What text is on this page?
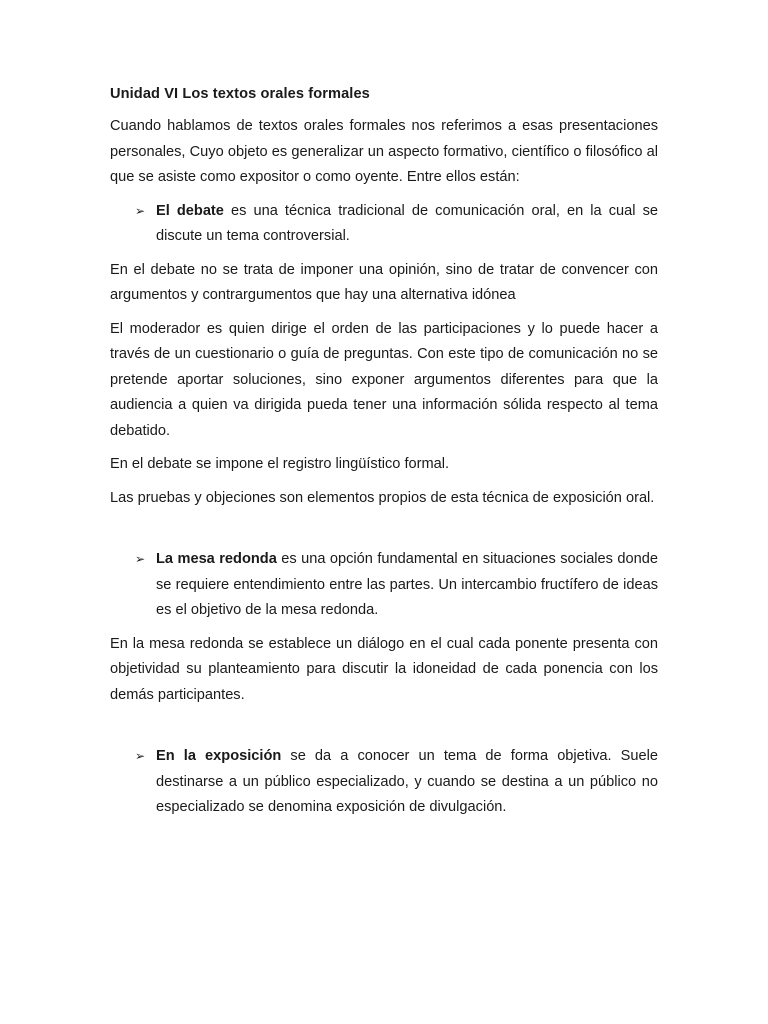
Unidad VI Los textos orales formales

Cuando hablamos de textos orales formales nos referimos a esas presentaciones personales, Cuyo objeto es generalizar un aspecto formativo, científico o filosófico al que se asiste como expositor o como oyente. Entre ellos están:

➢ El debate es una técnica tradicional de comunicación oral, en la cual se discute un tema controversial.

En el debate no se trata de imponer una opinión, sino de tratar de convencer con argumentos y contrargumentos que hay una alternativa idónea

El moderador es quien dirige el orden de las participaciones y lo puede hacer a través de un cuestionario o guía de preguntas. Con este tipo de comunicación no se pretende aportar soluciones, sino exponer argumentos diferentes para que la audiencia a quien va dirigida pueda tener una información sólida respecto al tema debatido.

En el debate se impone el registro lingüístico formal.

Las pruebas y objeciones son elementos propios de esta técnica de exposición oral.

➢ La mesa redonda es una opción fundamental en situaciones sociales donde se requiere entendimiento entre las partes. Un intercambio fructífero de ideas es el objetivo de la mesa redonda.

En la mesa redonda se establece un diálogo en el cual cada ponente presenta con objetividad su planteamiento para discutir la idoneidad de cada ponencia con los demás participantes.

➢ En la exposición se da a conocer un tema de forma objetiva. Suele destinarse a un público especializado, y cuando se destina a un público no especializado se denomina exposición de divulgación.
